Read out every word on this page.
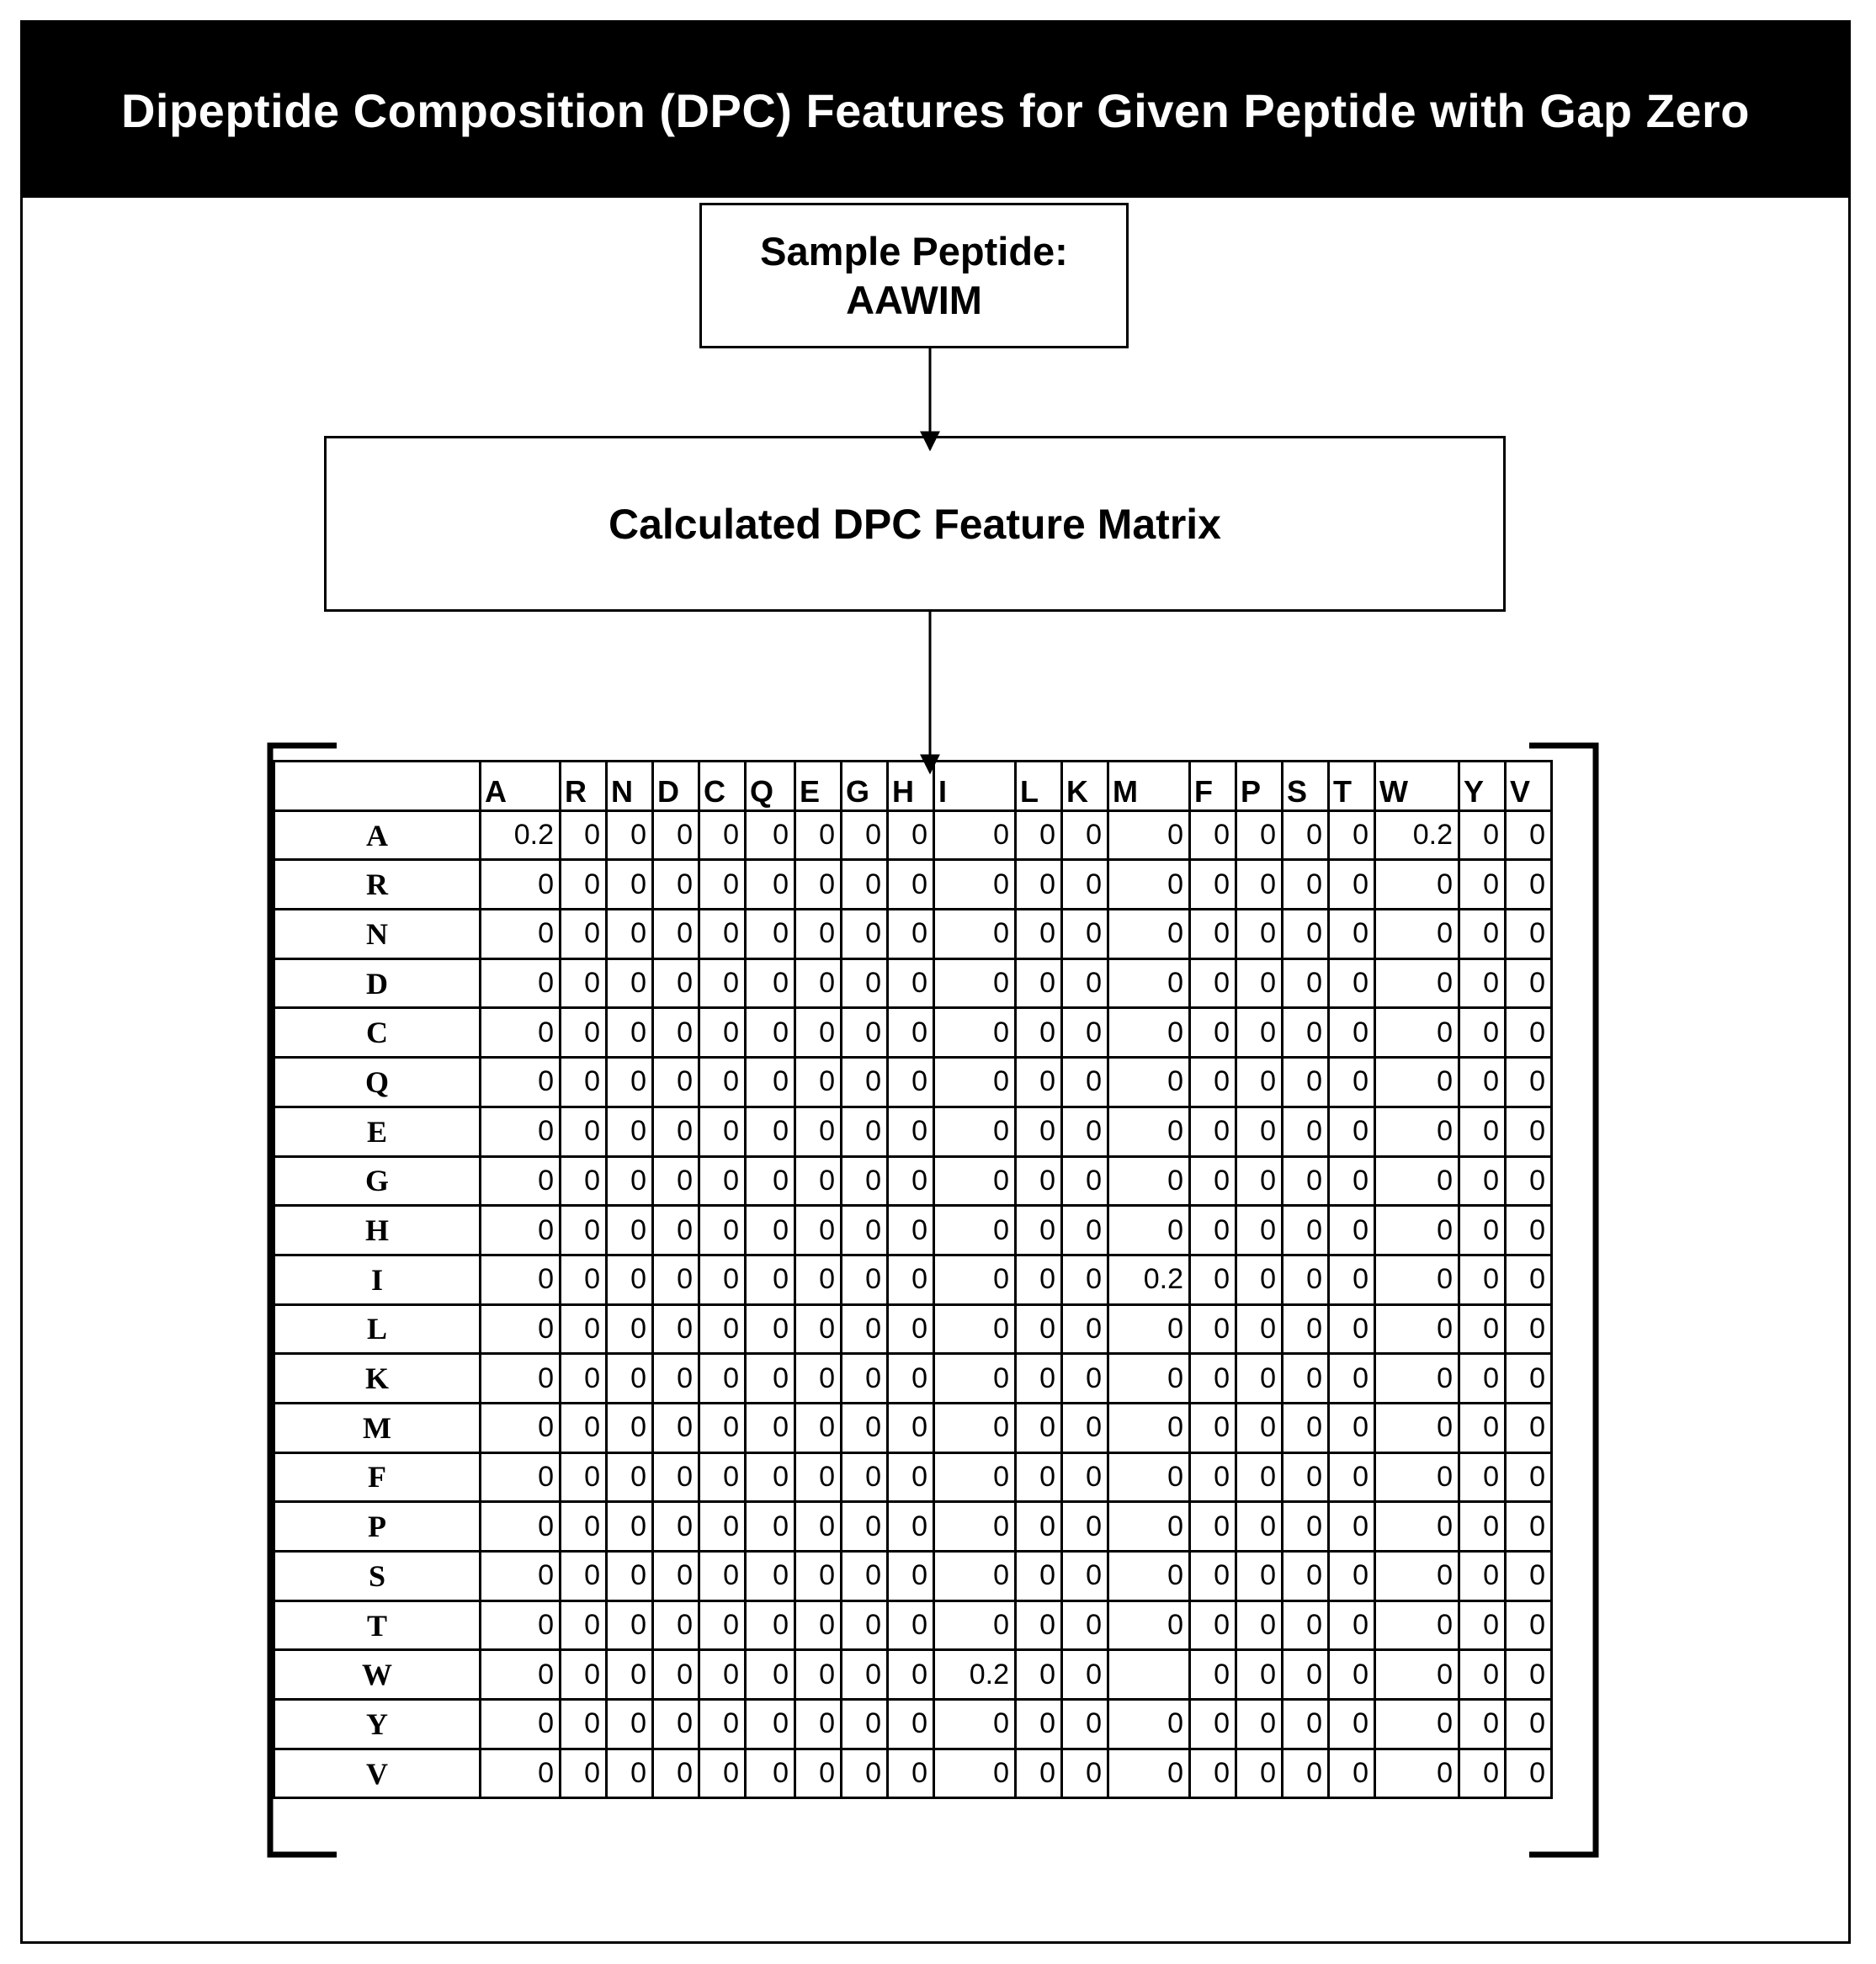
Dipeptide Composition (DPC) Features for Given Peptide with Gap Zero
Sample Peptide:
AAWIM
Calculated DPC Feature Matrix
	A	R	N	D	C	Q	E	G	H	I	L	K	M	F	P	S	T	W	Y	V
A	0.2	0	0	0	0	0	0	0	0	0	0	0	0	0	0	0	0	0.2	0	0
R	0	0	0	0	0	0	0	0	0	0	0	0	0	0	0	0	0	0	0	0
N	0	0	0	0	0	0	0	0	0	0	0	0	0	0	0	0	0	0	0	0
D	0	0	0	0	0	0	0	0	0	0	0	0	0	0	0	0	0	0	0	0
C	0	0	0	0	0	0	0	0	0	0	0	0	0	0	0	0	0	0	0	0
Q	0	0	0	0	0	0	0	0	0	0	0	0	0	0	0	0	0	0	0	0
E	0	0	0	0	0	0	0	0	0	0	0	0	0	0	0	0	0	0	0	0
G	0	0	0	0	0	0	0	0	0	0	0	0	0	0	0	0	0	0	0	0
H	0	0	0	0	0	0	0	0	0	0	0	0	0	0	0	0	0	0	0	0
I	0	0	0	0	0	0	0	0	0	0	0	0	0.2	0	0	0	0	0	0	0
L	0	0	0	0	0	0	0	0	0	0	0	0	0	0	0	0	0	0	0	0
K	0	0	0	0	0	0	0	0	0	0	0	0	0	0	0	0	0	0	0	0
M	0	0	0	0	0	0	0	0	0	0	0	0	0	0	0	0	0	0	0	0
F	0	0	0	0	0	0	0	0	0	0	0	0	0	0	0	0	0	0	0	0
P	0	0	0	0	0	0	0	0	0	0	0	0	0	0	0	0	0	0	0	0
S	0	0	0	0	0	0	0	0	0	0	0	0	0	0	0	0	0	0	0	0
T	0	0	0	0	0	0	0	0	0	0	0	0	0	0	0	0	0	0	0	0
W	0	0	0	0	0	0	0	0	0	0.2	0	0		0	0	0	0	0	0	0
Y	0	0	0	0	0	0	0	0	0	0	0	0	0	0	0	0	0	0	0	0
V	0	0	0	0	0	0	0	0	0	0	0	0	0	0	0	0	0	0	0	0
